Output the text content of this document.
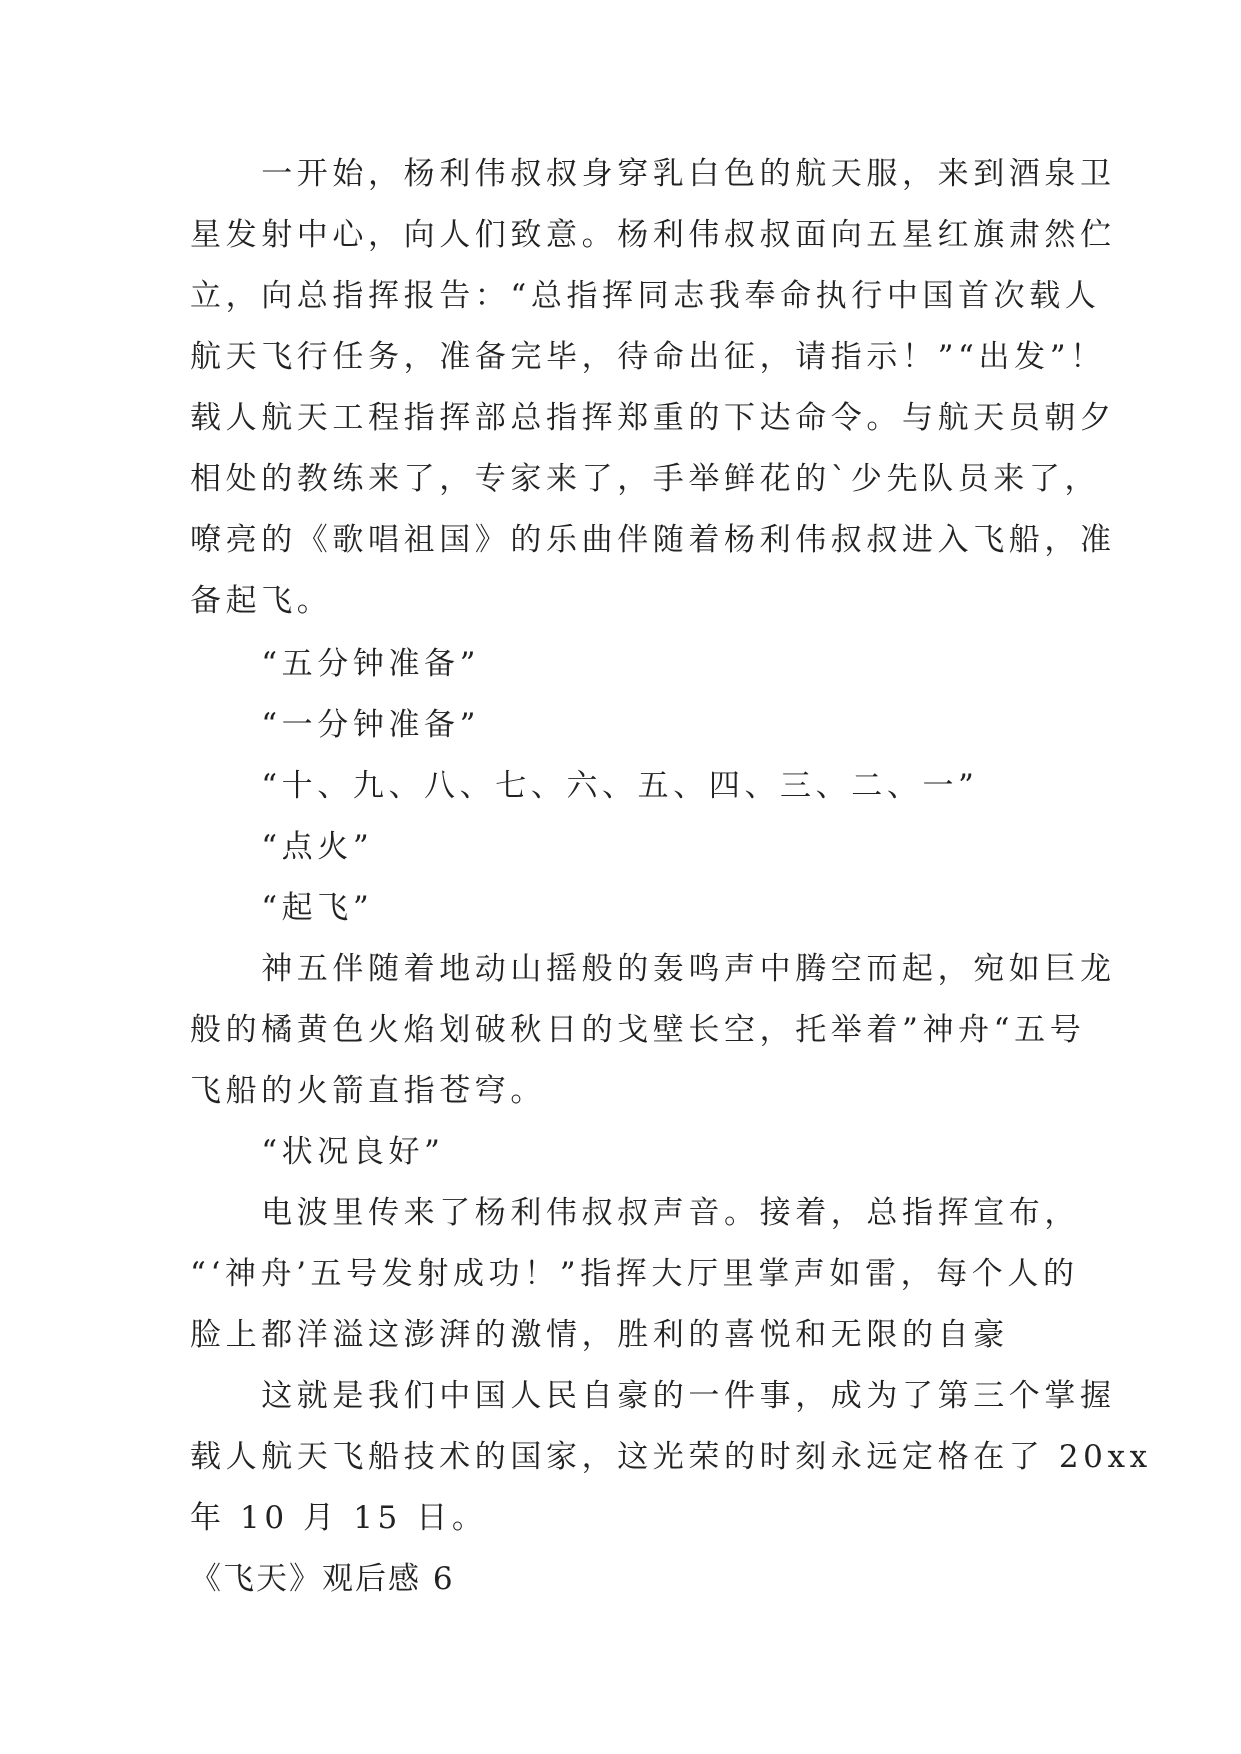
　　一开始，杨利伟叔叔身穿乳白色的航天服，来到酒泉卫
星发射中心，向人们致意。杨利伟叔叔面向五星红旗肃然伫
立，向总指挥报告：“总指挥同志我奉命执行中国首次载人
航天飞行任务，准备完毕，待命出征，请指示！”“出发”！
载人航天工程指挥部总指挥郑重的下达命令。与航天员朝夕
相处的教练来了，专家来了，手举鲜花的`少先队员来了，
嘹亮的《歌唱祖国》的乐曲伴随着杨利伟叔叔进入飞船，准
备起飞。
　　“五分钟准备”
　　“一分钟准备”
　　“十、九、八、七、六、五、四、三、二、一”
　　“点火”
　　“起飞”
　　神五伴随着地动山摇般的轰鸣声中腾空而起，宛如巨龙
般的橘黄色火焰划破秋日的戈壁长空，托举着”神舟“五号
飞船的火箭直指苍穹。
　　“状况良好”
　　电波里传来了杨利伟叔叔声音。接着，总指挥宣布，
“‘神舟’五号发射成功！”指挥大厅里掌声如雷，每个人的
脸上都洋溢这澎湃的激情，胜利的喜悦和无限的自豪
　　这就是我们中国人民自豪的一件事，成为了第三个掌握
载人航天飞船技术的国家，这光荣的时刻永远定格在了 20xx
年 10 月 15 日。
《飞天》观后感 6
